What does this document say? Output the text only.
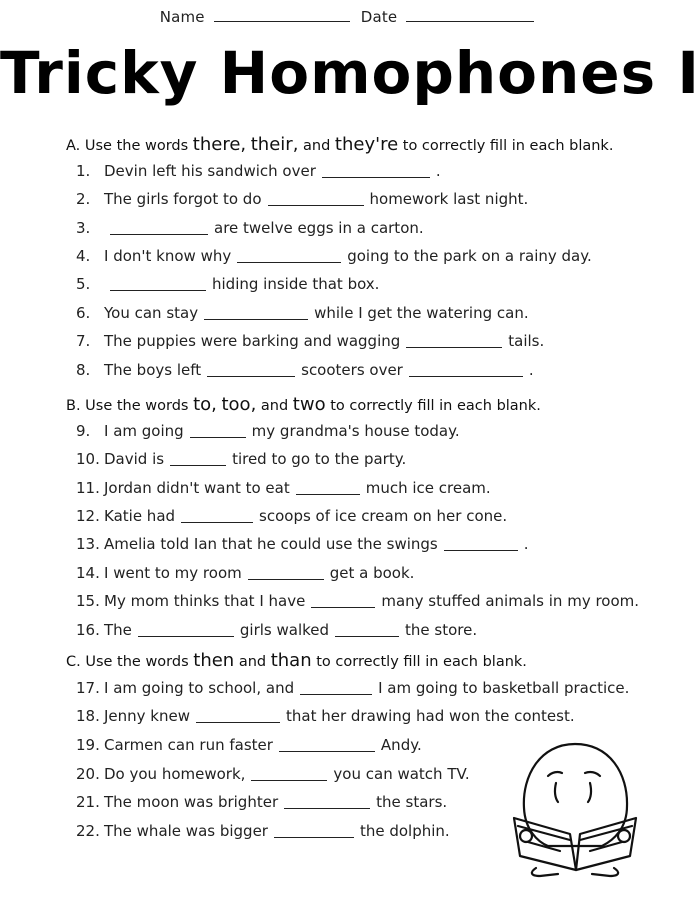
Name	Date
Tricky Homophones I
A. Use the words there, their, and they're to correctly fill in each blank.
B. Use the words to, too, and two to correctly fill in each blank.
C. Use the words then and than to correctly fill in each blank.
1. Devin left his sandwich over	.
2. The girls forgot to do	homework last night.
3.	are twelve eggs in a carton.
4. I don't know why	going to the park on a rainy day.
5.	hiding inside that box.
6. You can stay	while I get the watering can.
7. The puppies were barking and wagging	tails.
8. The boys left	scooters over	.
9. I am going	my grandma's house today.
10. David is	tired to go to the party.
11. Jordan didn't want to eat	much ice cream.
12. Katie had	scoops of ice cream on her cone.
13. Amelia told Ian that he could use the swings	.
14. I went to my room	get a book.
15. My mom thinks that I have	many stuffed animals in my room.
16. The	girls walked	the store.
17. I am going to school, and	I am going to basketball practice.
18. Jenny knew	that her drawing had won the contest.
19. Carmen can run faster	Andy.
20. Do you homework,	you can watch TV.
21. The moon was brighter	the stars.
22. The whale was bigger	the dolphin.
